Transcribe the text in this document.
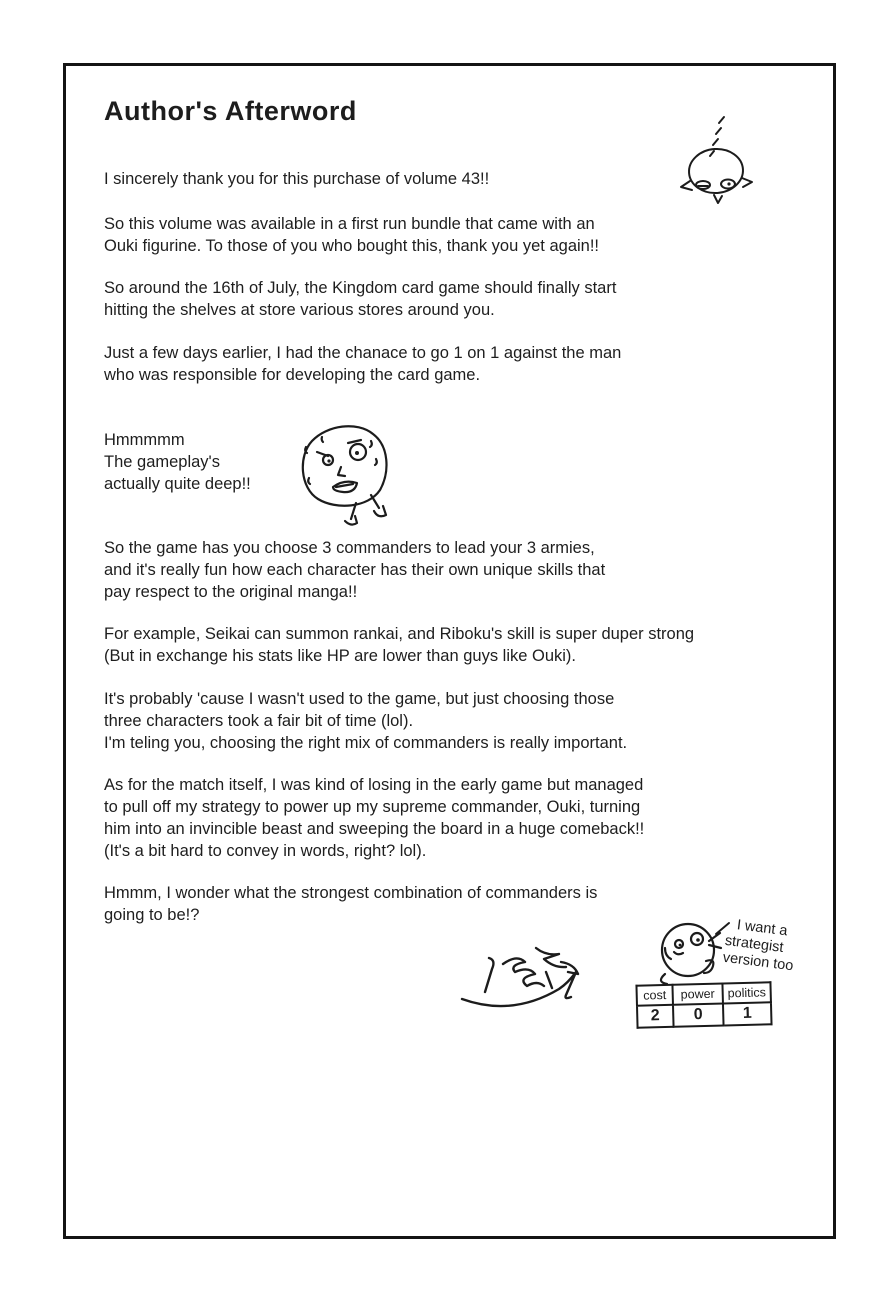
Author's Afterword
I sincerely thank you for this purchase of volume 43!!
So this volume was available in a first run bundle that came with an
Ouki figurine. To those of you who bought this, thank you yet again!!
So around the 16th of July, the Kingdom card game should finally start
hitting the shelves at store various stores around you.
Just a few days earlier, I had the chanace to go 1 on 1 against the man
who was responsible for developing the card game.
Hmmmmm
The gameplay's
actually quite deep!!
So the game has you choose 3 commanders to lead your 3 armies,
and it's really fun how each character has their own unique skills that
pay respect to the original manga!!
For example, Seikai can summon rankai, and Riboku's skill is super duper strong
(But in exchange his stats like HP are lower than guys like Ouki).
It's probably 'cause I wasn't used to the game, but just choosing those
three characters took a fair bit of time (lol).
I'm teling you, choosing the right mix of commanders is really important.
As for the match itself, I was kind of losing in the early game but managed
to pull off my strategy to power up my supreme commander, Ouki, turning
him into an invincible beast and sweeping the board in a huge comeback!!
(It's a bit hard to convey in words, right? lol).
Hmmm, I wonder what the strongest combination of commanders is
going to be!?
I want a
strategist
version too
cost	power	politics
2	0	1
